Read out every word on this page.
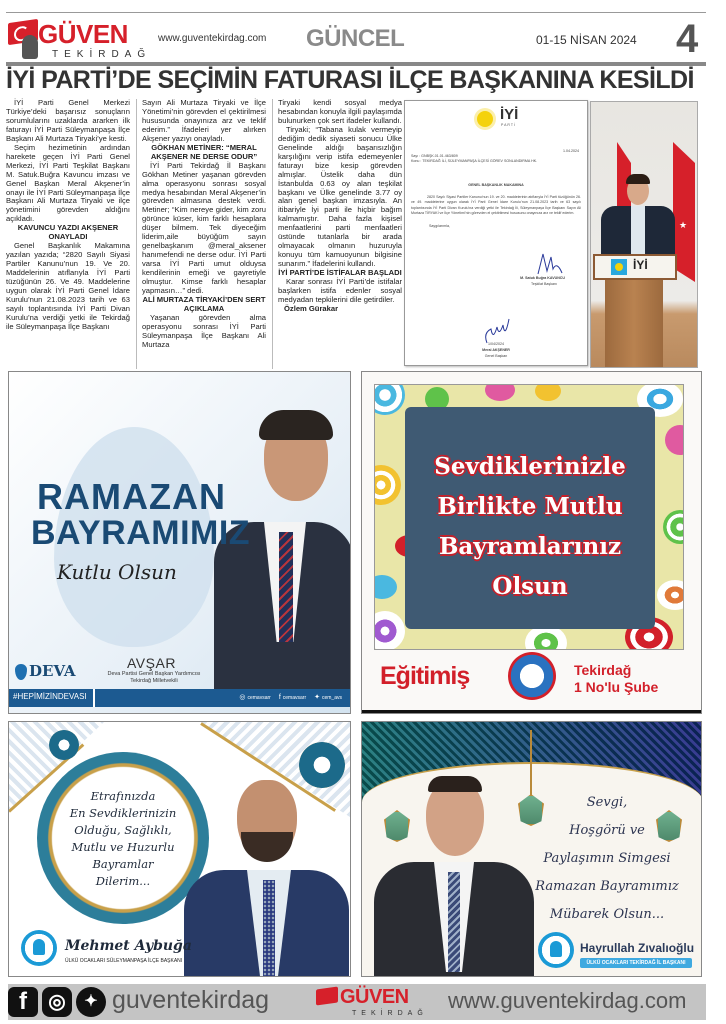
GÜVEN
TEKİRDAĞ
www.guventekirdag.com GÜNCEL	01-15 NİSAN 2024 4
İYİ PARTİ’DE SEÇİMİN FATURASI İLÇE BAŞKANINA KESİLDİ

İYİ Parti Genel Merkezi Türkiye’deki başarısız sonuçların sorumlularını uzaklarda ararken ilk faturayı İYİ Parti Süleymanpaşa İlçe Başkanı Ali Murtaza Tiryaki’ye kesti.

Seçim hezimetinin ardından harekete geçen İYİ Parti Genel Merkezi, İYİ Parti Teşkilat Başkanı M. Satuk.Buğra Kavuncu imzası ve Genel Başkan Meral Akşener’in onayı ile İYİ Parti Süleymanpaşa İlçe Başkanı Ali Murtaza Tiryaki ve ilçe yönetimini görevden aldığını açıkladı.

KAVUNCU YAZDI AKŞENER ONAYLADI

Genel Başkanlık Makamına yazılan yazıda; “2820 Sayılı Siyasi Partiler Kanunu’nun 19. Ve 20. Maddelerinin atıflarıyla İYİ Parti tüzüğünün 26. Ve 49. Maddelerine uygun olarak İYİ Parti Genel İdare Kurulu’nun 21.08.2023 tarih ve 63 sayılı toplantısında İYİ Parti Divan Kurulu’na verdiği yetki ile Tekirdağ ile Süleymanpaşa İlçe Başkanı

Sayın Ali Murtaza Tiryaki ve İlçe Yönetimi’nin görevden el çektirilmesi hususunda onayınıza arz ve teklif ederim.” İfadeleri yer alırken Akşener yazıyı onayladı.

GÖKHAN METİNER: “MERAL AKŞENER NE DERSE ODUR”

İYİ Parti Tekirdağ İl Başkanı Gökhan Metiner yaşanan görevden alma operasyonu sonrası sosyal medya hesabından Meral Akşener’in görevden almasına destek verdi. Metiner; “Kim nereye gider, kim zoru görünce küser, kim farklı hesaplara düşer bilmem. Tek diyeceğim liderim,aile büyüğüm sayın genelbaşkanım @meral_aksener hanımefendi ne derse odur. İYİ Parti varsa İYİ Parti umut olduysa kendilerinin emeği ve gayretiyle olmuştur. Kimse farklı hesaplar yapmasın…” dedi.

ALİ MURTAZA TİRYAKİ’DEN SERT AÇIKLAMA

Yaşanan görevden alma operasyonu sonrası İYİ Parti Süleymanpaşa İlçe Başkanı Ali Murtaza

Tiryaki kendi sosyal medya hesabından konuyla ilgili paylaşımda bulunurken çok sert ifadeler kullandı.

Tiryaki; “Tabana kulak vermeyip dediğim dedik siyaseti sonucu Ülke Genelinde aldığı başarısızlığın karşılığını verip istifa edemeyenler faturayı bize kesip görevden almışlar. Üstelik daha dün İstanbulda 0.63 oy alan teşkilat başkanı ve Ülke genelinde 3.77 oy alan genel başkan imzasıyla. An itibariyle İyi parti ile hiçbir bağım kalmamıştır. Daha fazla kişisel menfaatlerini parti menfaatleri üstünde tutanlarla bir arada olmayacak olmanın huzuruyla konuyu tüm kamuoyunun bilgisine sunarım.” İfadelerini kullandı.

İYİ PARTİ’DE İSTİFALAR BAŞLADI

Karar sonrası İYİ Parti’de istifalar başlarken istifa edenler sosyal medyadan tepkilerini dile getirdiler.

Özlem Gürakar

İYİ
PARTİ
1.04.2024
Sayı : GNBŞK.01.01.463/809
Konu : TEKİRDAĞ İLİ, SÜLEYMANPAŞA İLÇESİ GÖREV SONLANDIRMA HK.
GENEL BAŞKANLIK MAKAMINA
2820 Sayılı Siyasi Partiler Kanunu’nun 19. ve 20. maddelerinin atıflarıyla İYİ Parti tüzüğünün 26. ve 49. maddelerine uygun olarak İYİ Parti Genel İdare Kurulu’nun 21.08.2023 tarih ve 63 sayılı toplantısında İYİ Parti Divan Kurulu’na verdiği yetki ile Tekirdağ İli, Süleymanpaşa İlçe Başkanı Sayın Ali Murtaza TİRYAKİ ve İlçe Yönetimi’nin görevden el çektirilmesi hususunu onayınıza arz ve teklif ederim.
Saygılarımla,
M. Satuk Buğra KAVUNCU
Teşkilat Başkanı
1/04/2024
Meral AKŞENER
Genel Başkan
★
İYİ
RAMAZAN
BAYRAMIMIZ
Kutlu Olsun
AVŞAR
Deva Partisi Genel Başkan Yardımcısı
Tekirdağ Milletvekili
DEVA
#HEPİMİZİNDEVASI	◎ cemavsarr f cemavsarr ✦ cem_avs
Sevdiklerinizle
Birlikte Mutlu
Bayramlarınız
Olsun
Eğitimiş	Tekirdağ
1 No'lu Şube
Etrafınızda
En Sevdiklerinizin
Olduğu, Sağlıklı,
Mutlu ve Huzurlu
Bayramlar
Dilerim...
Mehmet Aybuğa
ÜLKÜ OCAKLARI SÜLEYMANPAŞA İLÇE BAŞKANI
Sevgi,
Hoşgörü ve
Paylaşımın Simgesi
Ramazan Bayramımız
Mübarek Olsun...
Hayrullah Zıvalıoğlu
ÜLKÜ OCAKLARI TEKİRDAĞ İL BAŞKANI
f	◎	✦ guventekirdag	GÜVEN
TEKİRDAĞ
www.guventekirdag.com
